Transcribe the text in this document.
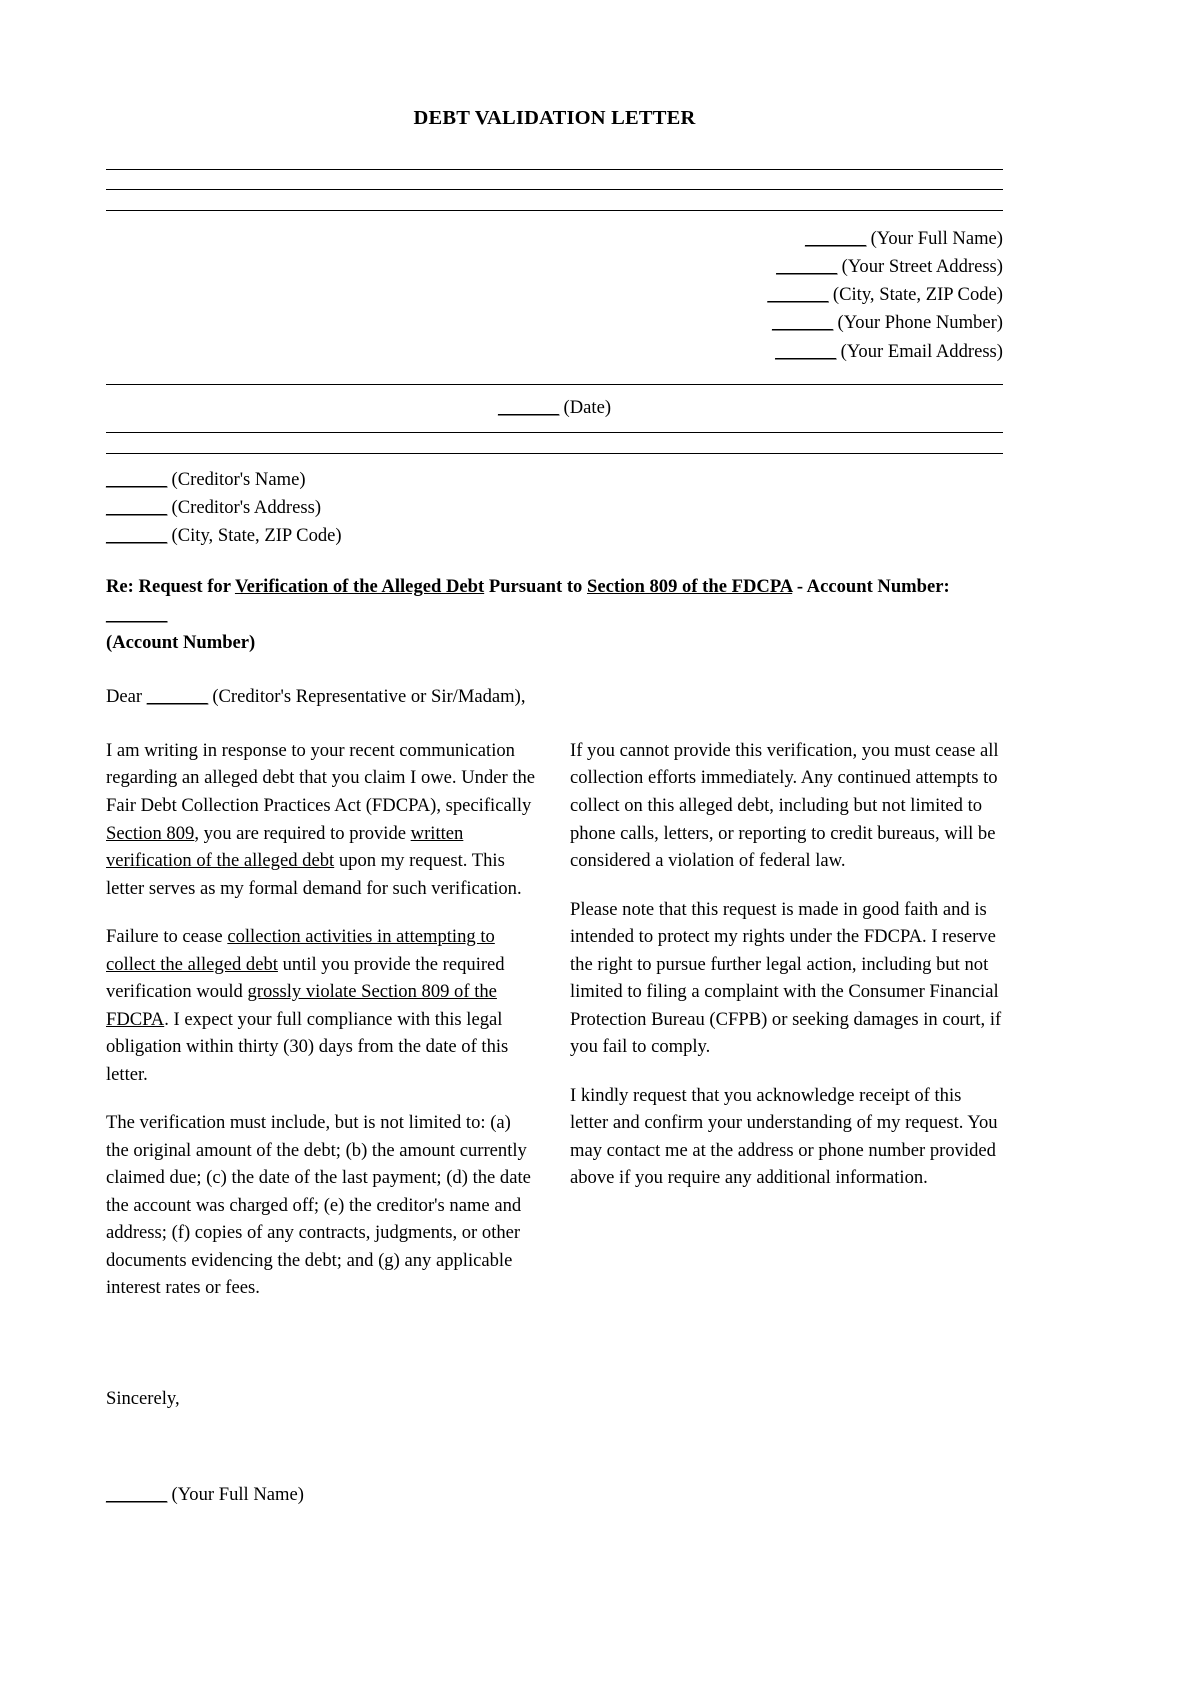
DEBT VALIDATION LETTER
_______ (Your Full Name)
_______ (Your Street Address)
_______ (City, State, ZIP Code)
_______ (Your Phone Number)
_______ (Your Email Address)
_______ (Date)
_______ (Creditor's Name)
_______ (Creditor's Address)
_______ (City, State, ZIP Code)
Re: Request for Verification of the Alleged Debt Pursuant to Section 809 of the FDCPA - Account Number: _______
(Account Number)
Dear _______ (Creditor's Representative or Sir/Madam),

I am writing in response to your recent communication regarding an alleged debt that you claim I owe. Under the Fair Debt Collection Practices Act (FDCPA), specifically Section 809, you are required to provide written verification of the alleged debt upon my request. This letter serves as my formal demand for such verification.

Failure to cease collection activities in attempting to collect the alleged debt until you provide the required verification would grossly violate Section 809 of the FDCPA. I expect your full compliance with this legal obligation within thirty (30) days from the date of this letter.

The verification must include, but is not limited to: (a) the original amount of the debt; (b) the amount currently claimed due; (c) the date of the last payment; (d) the date the account was charged off; (e) the creditor's name and address; (f) copies of any contracts, judgments, or other documents evidencing the debt; and (g) any applicable interest rates or fees.

If you cannot provide this verification, you must cease all collection efforts immediately. Any continued attempts to collect on this alleged debt, including but not limited to phone calls, letters, or reporting to credit bureaus, will be considered a violation of federal law.

Please note that this request is made in good faith and is intended to protect my rights under the FDCPA. I reserve the right to pursue further legal action, including but not limited to filing a complaint with the Consumer Financial Protection Bureau (CFPB) or seeking damages in court, if you fail to comply.

I kindly request that you acknowledge receipt of this letter and confirm your understanding of my request. You may contact me at the address or phone number provided above if you require any additional information.

Sincerely,
_______ (Your Full Name)
